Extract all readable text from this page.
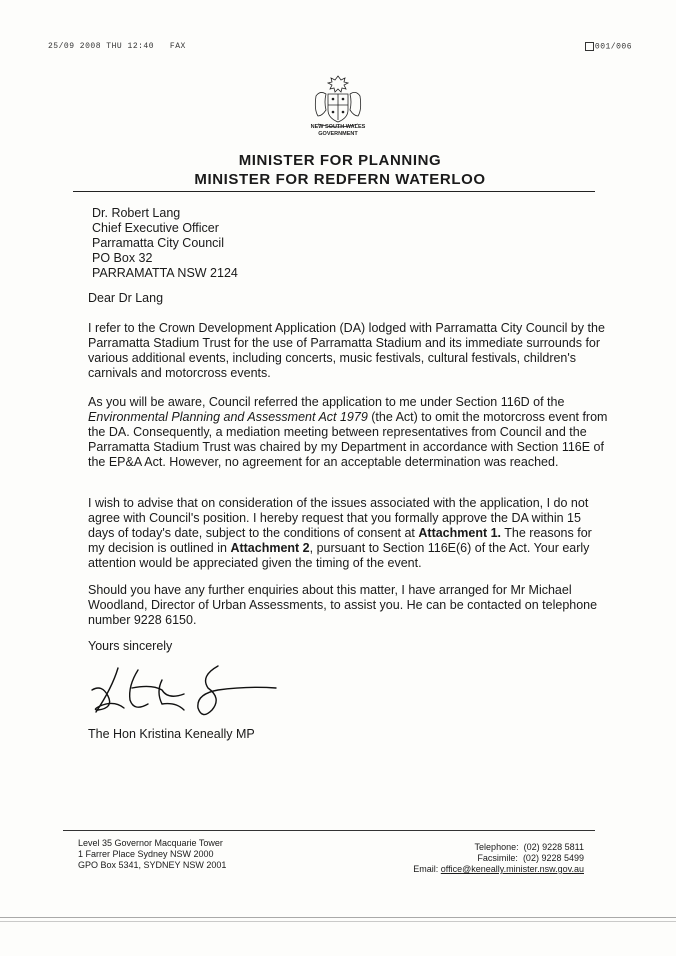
25/09 2008 THU 12:40 FAX	001/006
NEW SOUTH WALES
GOVERNMENT
MINISTER FOR PLANNING
MINISTER FOR REDFERN WATERLOO
Dr. Robert Lang
Chief Executive Officer
Parramatta City Council
PO Box 32
PARRAMATTA NSW 2124
Dear Dr Lang
I refer to the Crown Development Application (DA) lodged with Parramatta City Council by the Parramatta Stadium Trust for the use of Parramatta Stadium and its immediate surrounds for various additional events, including concerts, music festivals, cultural festivals, children's carnivals and motorcross events.
As you will be aware, Council referred the application to me under Section 116D of the Environmental Planning and Assessment Act 1979 (the Act) to omit the motorcross event from the DA. Consequently, a mediation meeting between representatives from Council and the Parramatta Stadium Trust was chaired by my Department in accordance with Section 116E of the EP&A Act. However, no agreement for an acceptable determination was reached.
I wish to advise that on consideration of the issues associated with the application, I do not agree with Council's position. I hereby request that you formally approve the DA within 15 days of today's date, subject to the conditions of consent at Attachment 1. The reasons for my decision is outlined in Attachment 2, pursuant to Section 116E(6) of the Act. Your early attention would be appreciated given the timing of the event.
Should you have any further enquiries about this matter, I have arranged for Mr Michael Woodland, Director of Urban Assessments, to assist you. He can be contacted on telephone number 9228 6150.
Yours sincerely
The Hon Kristina Keneally MP
Level 35 Governor Macquarie Tower
1 Farrer Place Sydney NSW 2000
GPO Box 5341, SYDNEY NSW 2001
Telephone: (02) 9228 5811
Facsimile: (02) 9228 5499
Email: office@keneally.minister.nsw.gov.au
